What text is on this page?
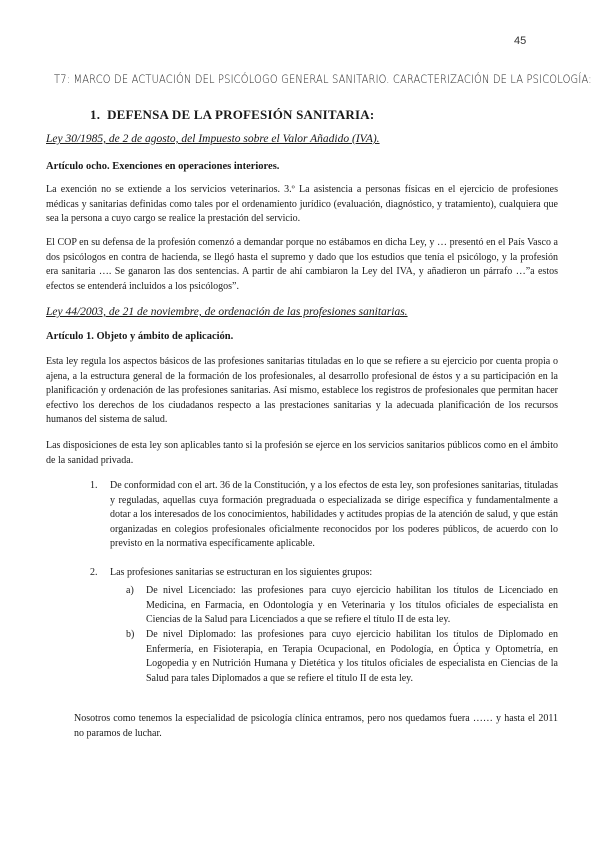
45
T7: MARCO DE ACTUACIÓN DEL PSICÓLOGO GENERAL SANITARIO. CARACTERIZACIÓN DE LA PSICOLOGÍA:
1. DEFENSA DE LA PROFESIÓN SANITARIA:
Ley 30/1985, de 2 de agosto, del Impuesto sobre el Valor Añadido (IVA).
Artículo ocho. Exenciones en operaciones interiores.
La exención no se extiende a los servicios veterinarios. 3.º La asistencia a personas físicas en el ejercicio de profesiones médicas y sanitarias definidas como tales por el ordenamiento jurídico (evaluación, diagnóstico, y tratamiento), cualquiera que sea la persona a cuyo cargo se realice la prestación del servicio.
El COP en su defensa de la profesión comenzó a demandar porque no estábamos en dicha Ley, y … presentó en el País Vasco a dos psicólogos en contra de hacienda, se llegó hasta el supremo y dado que los estudios que tenía el psicólogo, y la profesión era sanitaria …. Se ganaron las dos sentencias. A partir de ahí cambiaron la Ley del IVA, y añadieron un párrafo …”a estos efectos se entenderá incluidos a los psicólogos”.
Ley 44/2003, de 21 de noviembre, de ordenación de las profesiones sanitarias.
Artículo 1. Objeto y ámbito de aplicación.
Esta ley regula los aspectos básicos de las profesiones sanitarias tituladas en lo que se refiere a su ejercicio por cuenta propia o ajena, a la estructura general de la formación de los profesionales, al desarrollo profesional de éstos y a su participación en la planificación y ordenación de las profesiones sanitarias. Así mismo, establece los registros de profesionales que permitan hacer efectivo los derechos de los ciudadanos respecto a las prestaciones sanitarias y la adecuada planificación de los recursos humanos del sistema de salud.
Las disposiciones de esta ley son aplicables tanto si la profesión se ejerce en los servicios sanitarios públicos como en el ámbito de la sanidad privada.
1. De conformidad con el art. 36 de la Constitución, y a los efectos de esta ley, son profesiones sanitarias, tituladas y reguladas, aquellas cuya formación pregraduada o especializada se dirige específica y fundamentalmente a dotar a los interesados de los conocimientos, habilidades y actitudes propias de la atención de salud, y que están organizadas en colegios profesionales oficialmente reconocidos por los poderes públicos, de acuerdo con lo previsto en la normativa específicamente aplicable.
2. Las profesiones sanitarias se estructuran en los siguientes grupos:
a) De nivel Licenciado: las profesiones para cuyo ejercicio habilitan los títulos de Licenciado en Medicina, en Farmacia, en Odontología y en Veterinaria y los títulos oficiales de especialista en Ciencias de la Salud para Licenciados a que se refiere el título II de esta ley.
b) De nivel Diplomado: las profesiones para cuyo ejercicio habilitan los títulos de Diplomado en Enfermería, en Fisioterapia, en Terapia Ocupacional, en Podología, en Óptica y Optometría, en Logopedia y en Nutrición Humana y Dietética y los títulos oficiales de especialista en Ciencias de la Salud para tales Diplomados a que se refiere el título II de esta ley.
Nosotros como tenemos la especialidad de psicología clínica entramos, pero nos quedamos fuera …… y hasta el 2011 no paramos de luchar.
